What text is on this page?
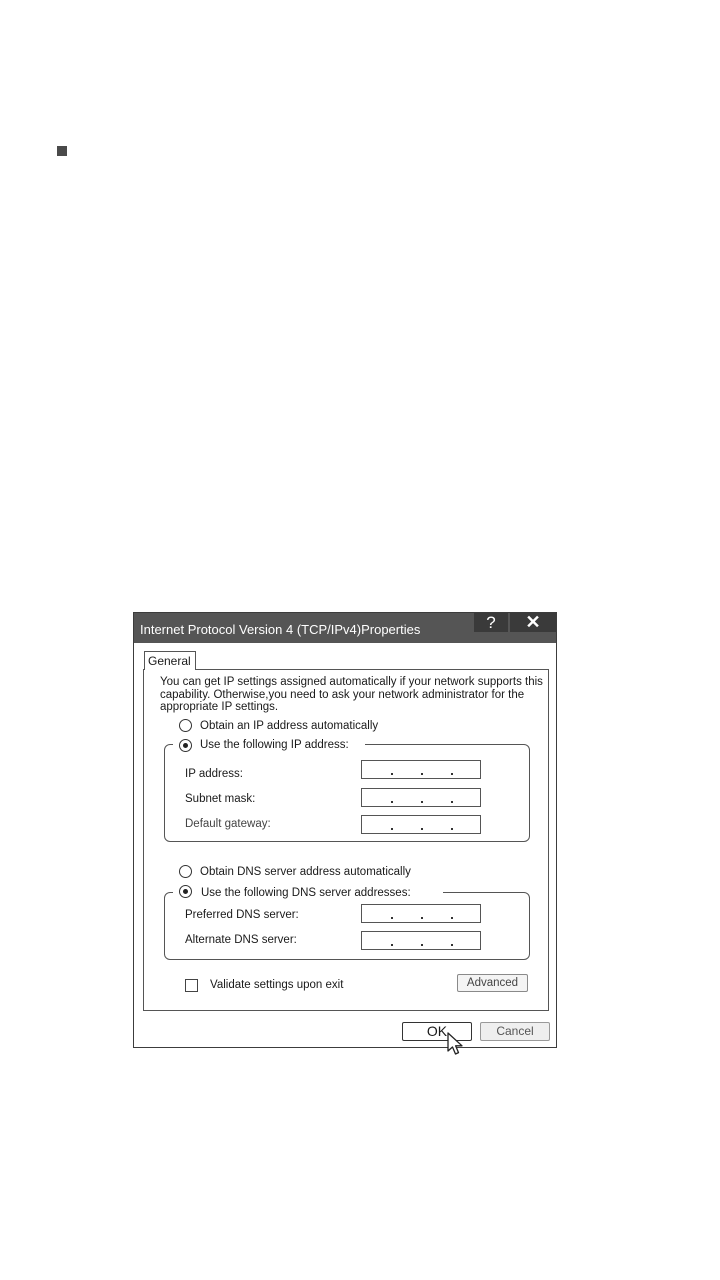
Internet Protocol Version 4 (TCP/IPv4)Properties	?	✕
General
You can get IP settings assigned automatically if your network supports this capability. Otherwise,you need to ask your network administrator for the appropriate IP settings.
Obtain an IP address automatically
Use the following IP address:
IP address:
Subnet mask:
Default gateway:
Obtain DNS server address automatically
Use the following DNS server addresses:
Preferred DNS server:
Alternate DNS server:
Validate settings upon exit	Advanced
OK	Cancel
